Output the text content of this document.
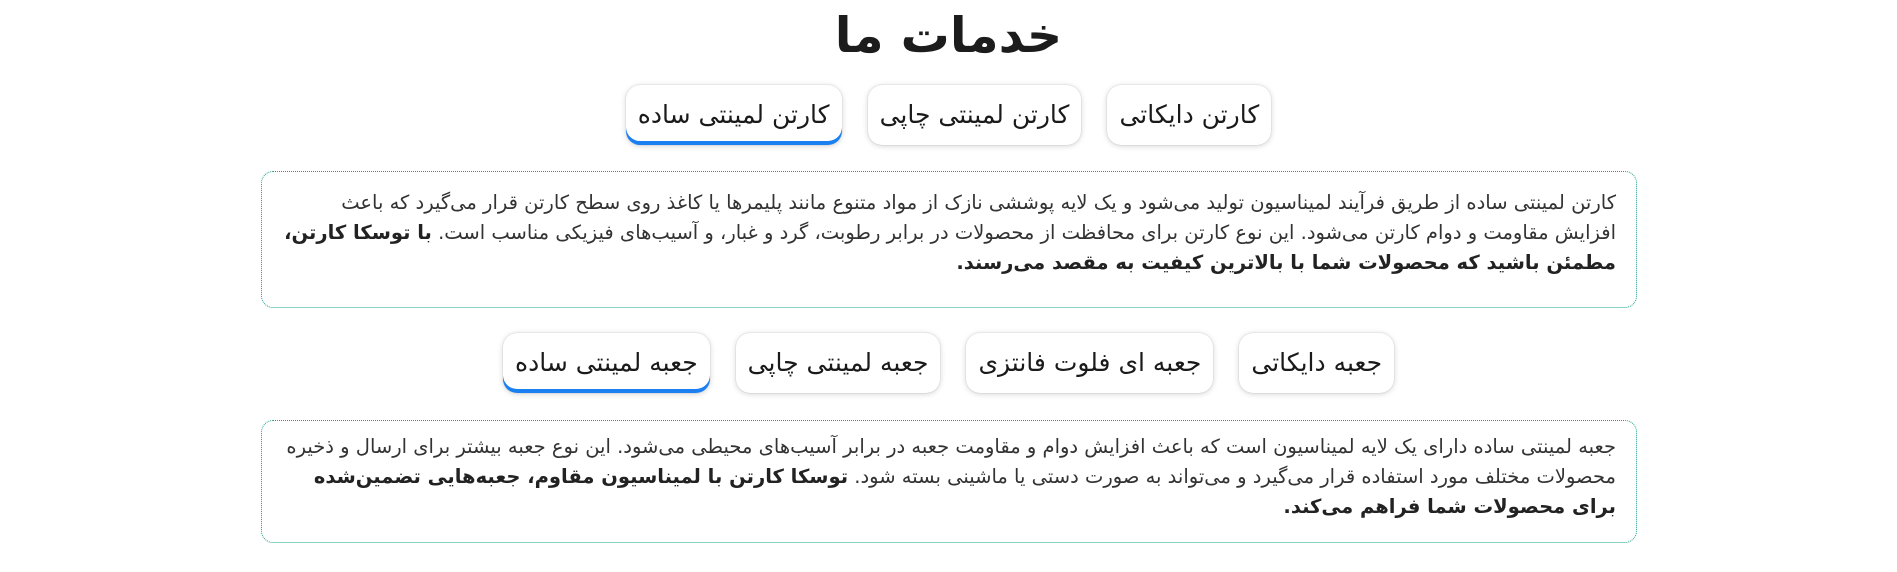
خدمات ما
کارتن لمینتی ساده	کارتن لمینتی چاپی	کارتن دایکاتی
کارتن لمینتی ساده از طریق فرآیند لمیناسیون تولید می‌شود و یک لایه پوششی نازک از مواد متنوع مانند پلیمرها یا کاغذ روی سطح کارتن قرار می‌گیرد که باعث افزایش مقاومت و دوام کارتن می‌شود. این نوع کارتن برای محافظت از محصولات در برابر رطوبت، گرد و غبار، و آسیب‌های فیزیکی مناسب است. با توسکا کارتن، مطمئن باشید که محصولات شما با بالاترین کیفیت به مقصد می‌رسند.
جعبه لمینتی ساده	جعبه لمینتی چاپی	جعبه ای فلوت فانتزی	جعبه دایکاتی
جعبه لمینتی ساده دارای یک لایه لمیناسیون است که باعث افزایش دوام و مقاومت جعبه در برابر آسیب‌های محیطی می‌شود. این نوع جعبه بیشتر برای ارسال و ذخیره محصولات مختلف مورد استفاده قرار می‌گیرد و می‌تواند به صورت دستی یا ماشینی بسته شود. توسکا کارتن با لمیناسیون مقاوم، جعبه‌هایی تضمین‌شده برای محصولات شما فراهم می‌کند.
